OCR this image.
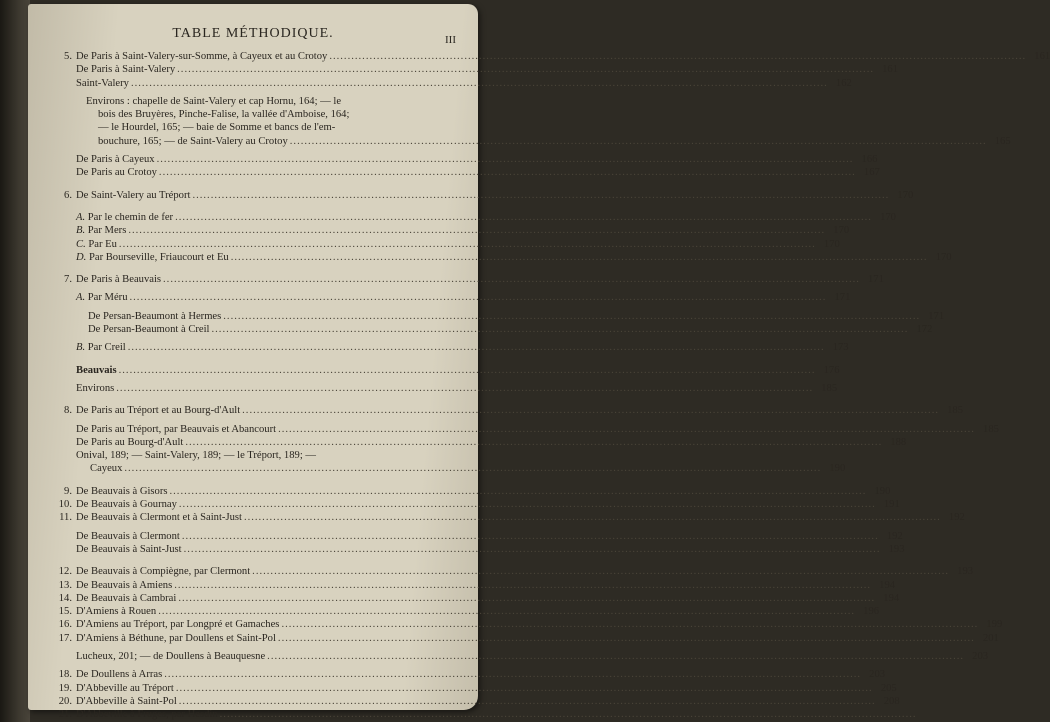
TABLE MÉTHODIQUE.	III
5. De Paris à Saint-Valery-sur-Somme, à Cayeux et au Crotoy .....	161
De Paris à Saint-Valery .....	161
Saint-Valery .....	162
Environs : chapelle de Saint-Valery et cap Hornu, 164; — le
bois des Bruyères, Pinche-Falise, la vallée d'Amboise, 164;
— le Hourdel, 165; — baie de Somme et bancs de l'em-
bouchure, 165; — de Saint-Valery au Crotoy .....	165
De Paris à Cayeux .....	166
De Paris au Crotoy .....	167
6. De Saint-Valery au Tréport .....	170
A. Par le chemin de fer .....	170
B. Par Mers .....	170
C. Par Eu .....	170
D. Par Bourseville, Friaucourt et Eu .....	170
7. De Paris à Beauvais .....	171
A. Par Méru .....	171
De Persan-Beaumont à Hermes .....	171
De Persan-Beaumont à Creil .....	172
B. Par Creil .....	173
Beauvais .....	176
Environs .....	185
8. De Paris au Tréport et au Bourg-d'Ault .....	185
De Paris au Tréport, par Beauvais et Abancourt .....	185
De Paris au Bourg-d'Ault .....	188
Onival, 189; — Saint-Valery, 189; — le Tréport, 189; —
Cayeux .....	190
9. De Beauvais à Gisors .....	190
10. De Beauvais à Gournay .....	191
11. De Beauvais à Clermont et à Saint-Just .....	192
De Beauvais à Clermont .....	192
De Beauvais à Saint-Just .....	193
12. De Beauvais à Compiègne, par Clermont .....	193
13. De Beauvais à Amiens .....	194
14. De Beauvais à Cambrai .....	194
15. D'Amiens à Rouen .....	196
16. D'Amiens au Tréport, par Longpré et Gamaches .....	199
17. D'Amiens à Béthune, par Doullens et Saint-Pol .....	201
Lucheux, 201; — de Doullens à Beauquesne .....	203
18. De Doullens à Arras .....	203
19. D'Abbeville au Tréport .....	205
20. D'Abbeville à Saint-Pol .....	208
21. D'Abbeville à Fruges, par Hesdin
.....
